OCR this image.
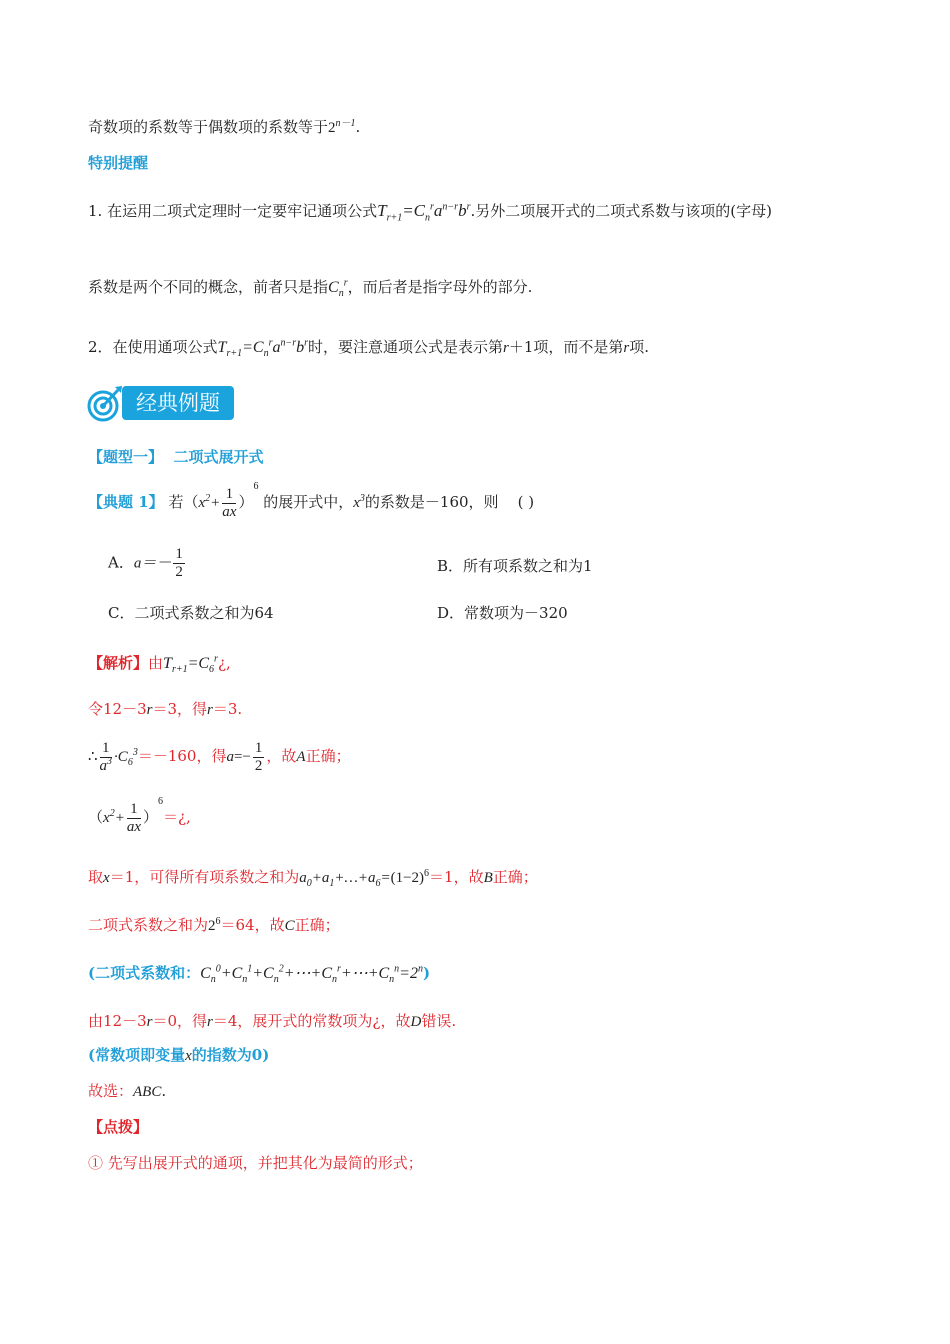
奇数项的系数等于偶数项的系数等于$2^{n-1}$.
特别提醒
1. 在运用二项式定理时一定要牢记通项公式$T_{r+1}=C_n^ra^{n-r}b^r$.另外二项展开式的二项式系数与该项的(字母)
系数是两个不同的概念，前者只是指$C_n^r$，而后者是指字母外的部分.
2．在使用通项公式$T_{r+1}=C_n^ra^{n-r}b^r$时，要注意通项公式是表示第r＋1项，而不是第r项.
经典例题
【题型一】 二项式展开式
【典题 1】 若$(x^2+ \frac{1}{ax} )^6$ 的展开式中，$x^3$的系数是－160，则 ( )
A．$a=- \frac{1}{2}$	B．所有项系数之和为1
C．二项式系数之和为64	D．常数项为－320
【解析】由$T_{r+1}=C_6^r¿$,
令12－3r＝3，得r＝3.
∴ $\frac{1}{a^3} \cdot C_6^3=-160$，得$a=- \frac{1}{2}$ ，故A正确；
（$x^2+ \frac{1}{ax}$ ）$^6=¿$,
取x＝1，可得所有项系数之和为$a_0+a_1+\dots+a_6=(1-2)^6=1$，故B正确；
二项式系数之和为$2^6=64$，故C正确；
(二项式系数和：$C_n^0+C_n^1+C_n^2+\cdots+C_n^r+\cdots+C_n^n=2^n$)
由12－3r＝0，得r＝4，展开式的常数项为¿，故D错误.
(常数项即变量x的指数为0)
故选：ABC.
【点拨】
① 先写出展开式的通项，并把其化为最简的形式；
